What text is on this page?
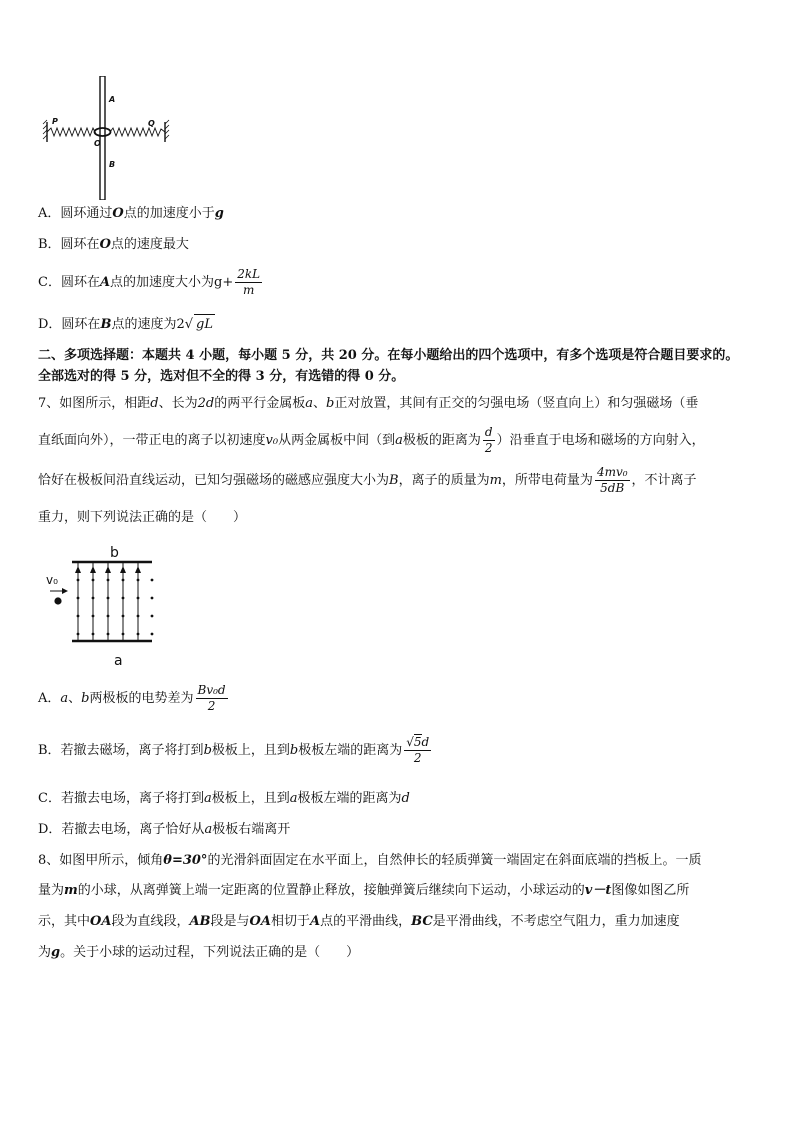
A
P	Q
O
B
A．圆环通过O点的加速度小于g
B．圆环在O点的速度最大
C．圆环在A点的加速度大小为$g+ \frac{2kL}{m}$
D．圆环在B点的速度为2√ gL
二、多项选择题：本题共 4 小题，每小题 5 分，共 20 分。在每小题给出的四个选项中，有多个选项是符合题目要求的。
全部选对的得 5 分，选对但不全的得 3 分，有选错的得 0 分。
7、如图所示，相距d、长为2d的两平行金属板a、b正对放置，其间有正交的匀强电场（竖直向上）和匀强磁场（垂
直纸面向外），一带正电的离子以初速度v₀从两金属板中间（到a极板的距离为 $\frac{d}{2}$ ）沿垂直于电场和磁场的方向射入，
恰好在极板间沿直线运动，已知匀强磁场的磁感应强度大小为B，离子的质量为m，所带电荷量为 $\frac{\text{4mv₀}}{5dB}$ ，不计离子
重力，则下列说法正确的是（　　）
b
v₀
a
A．a、b两极板的电势差为 $\frac{\text{Bv₀d}}{2}$
B．若撤去磁场，离子将打到b极板上，且到b极板左端的距离为 $\frac{√5d}{2}$
C．若撤去电场，离子将打到a极板上，且到a极板左端的距离为d
D．若撤去电场，离子恰好从a极板右端离开
8、如图甲所示，倾角θ=30°的光滑斜面固定在水平面上，自然伸长的轻质弹簧一端固定在斜面底端的挡板上。一质
量为m的小球，从离弹簧上端一定距离的位置静止释放，接触弹簧后继续向下运动，小球运动的v－t图像如图乙所
示，其中OA段为直线段，AB段是与OA相切于A点的平滑曲线，BC是平滑曲线，不考虑空气阻力，重力加速度
为g。关于小球的运动过程，下列说法正确的是（　　）
